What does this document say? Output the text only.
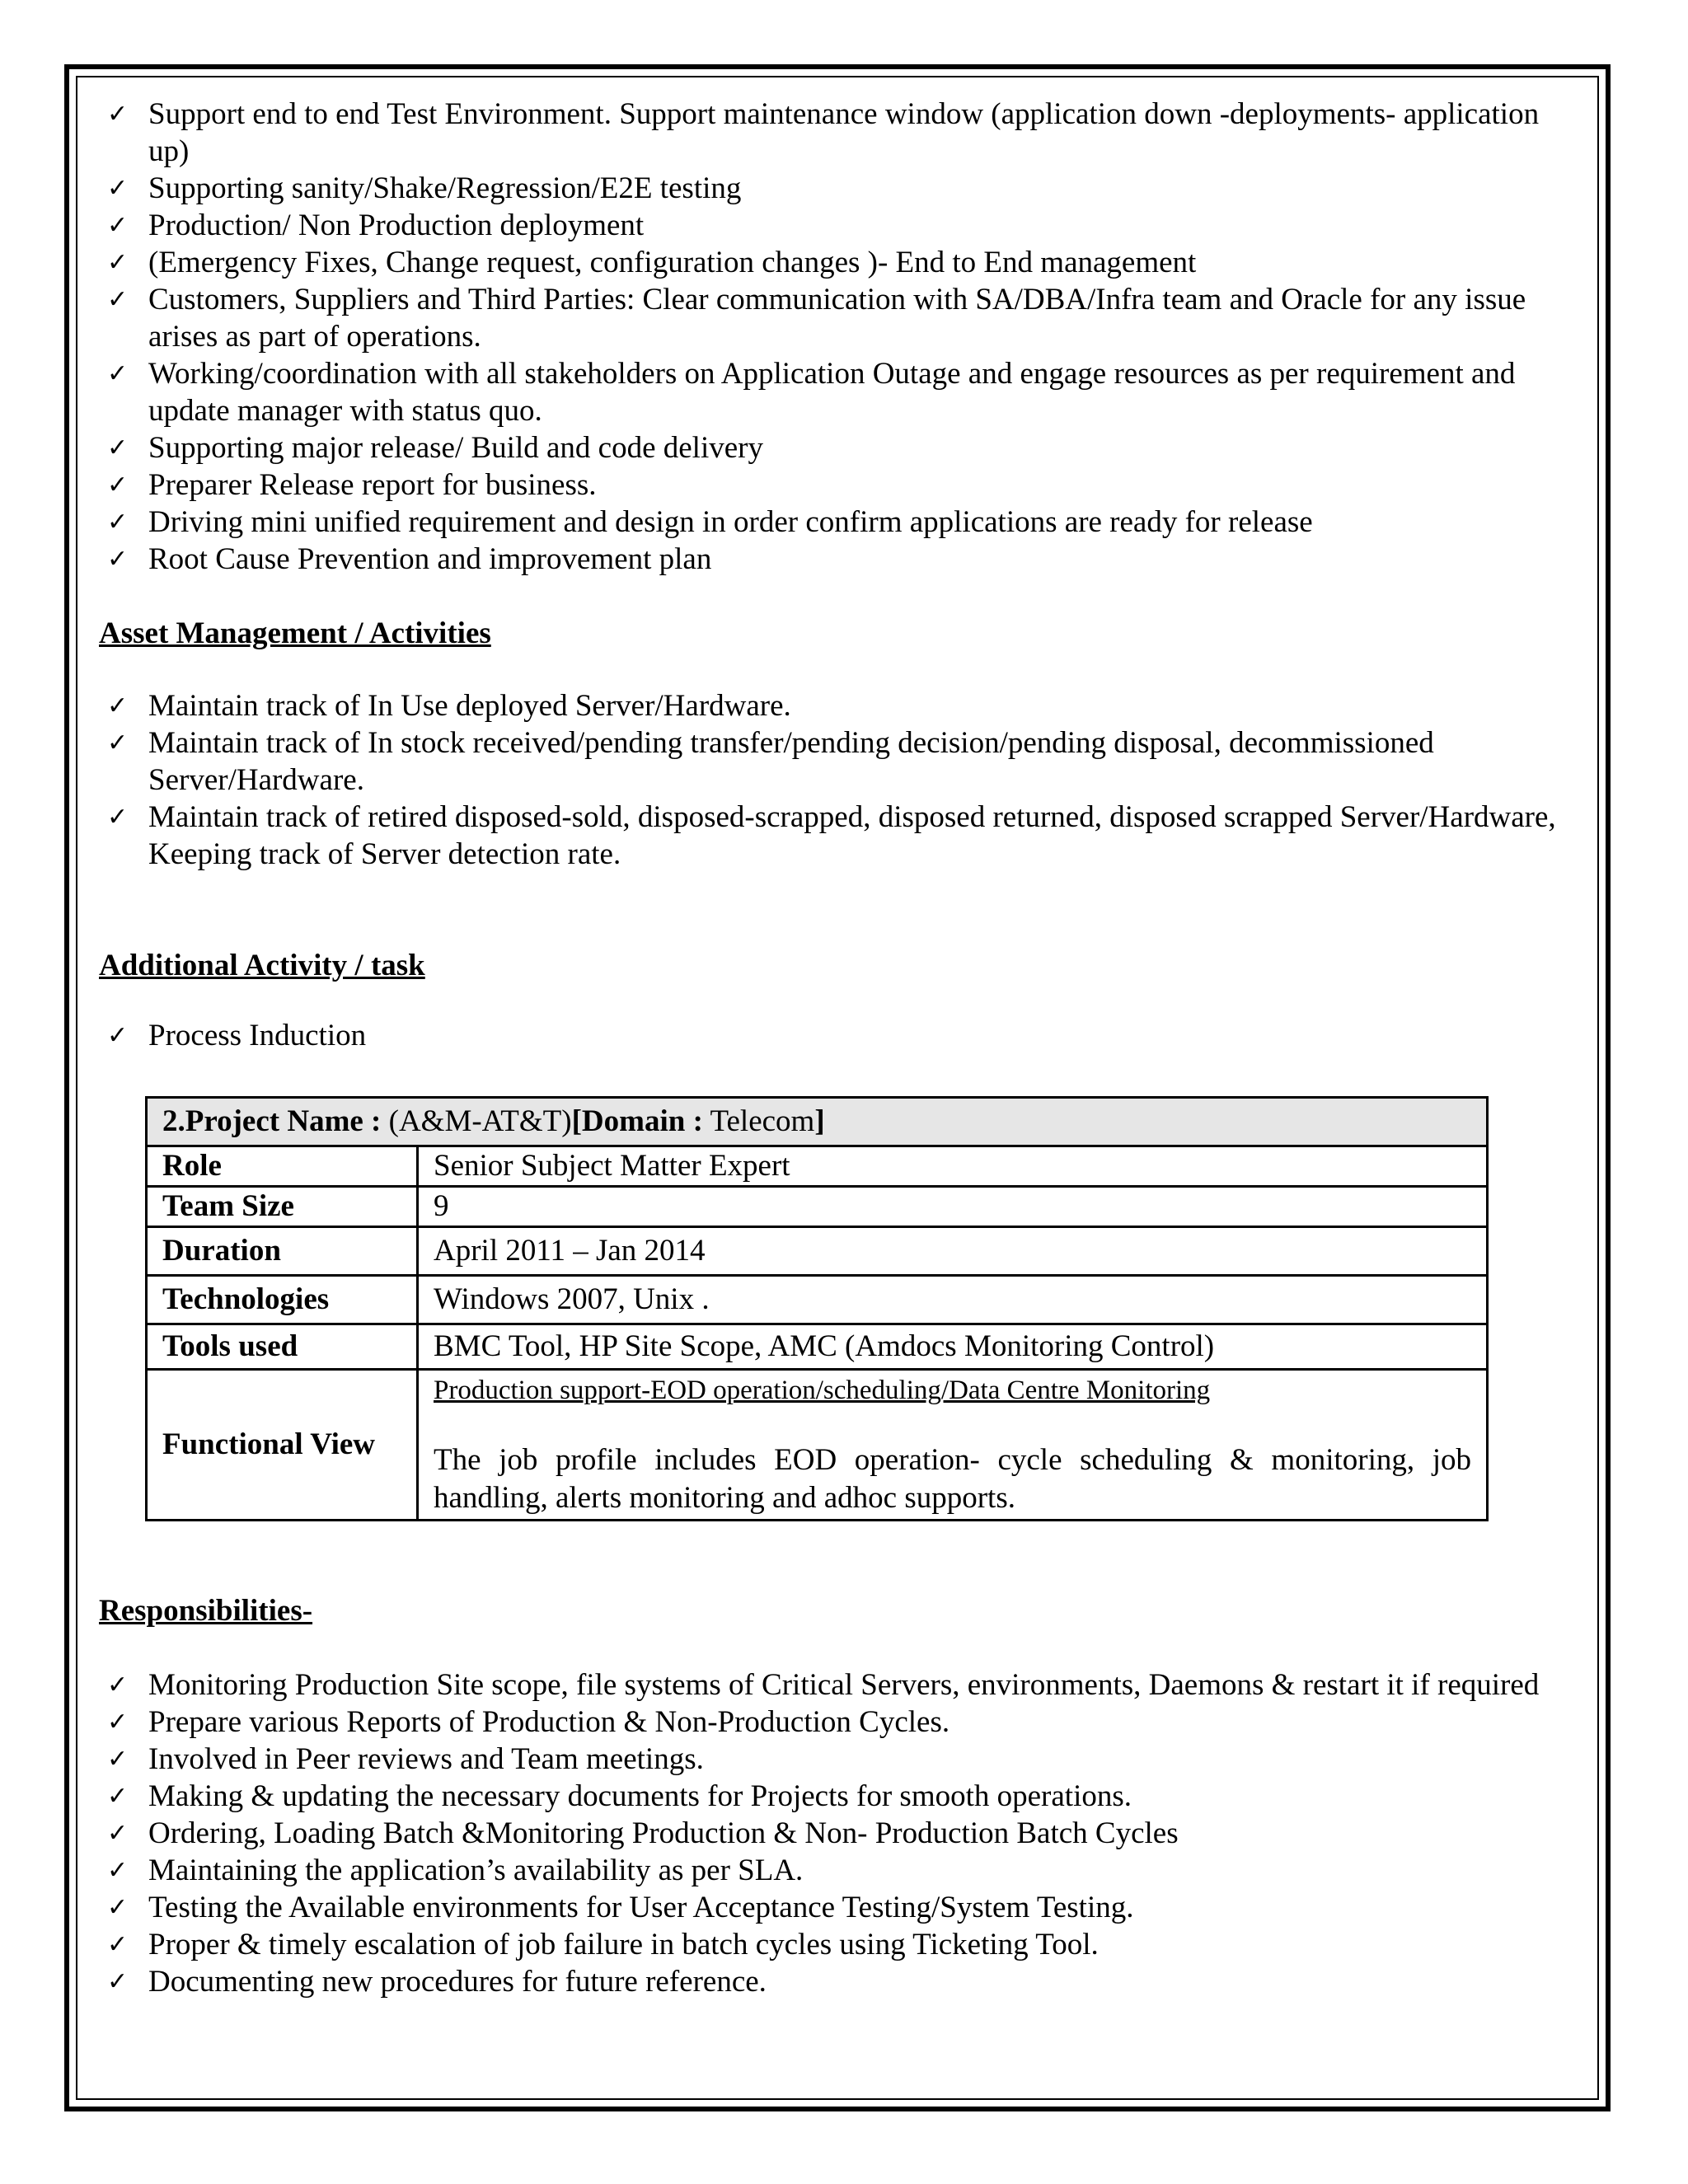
✓ Support end to end Test Environment. Support maintenance window (application down -deployments- application up)
✓ Supporting sanity/Shake/Regression/E2E testing
✓ Production/ Non Production deployment
✓ (Emergency Fixes, Change request, configuration changes )- End to End management
✓ Customers, Suppliers and Third Parties: Clear communication with SA/DBA/Infra team and Oracle for any issue arises as part of operations.
✓ Working/coordination with all stakeholders on Application Outage and engage resources as per requirement and update manager with status quo.
✓ Supporting major release/ Build and code delivery
✓ Preparer Release report for business.
✓ Driving mini unified requirement and design in order confirm applications are ready for release
✓ Root Cause Prevention and improvement plan
Asset Management / Activities
✓ Maintain track of In Use deployed Server/Hardware.
✓ Maintain track of In stock received/pending transfer/pending decision/pending disposal, decommissioned Server/Hardware.
✓ Maintain track of retired disposed-sold, disposed-scrapped, disposed returned, disposed scrapped Server/Hardware, Keeping track of Server detection rate.
Additional Activity / task
✓ Process Induction
2.Project Name : (A&M-AT&T)[Domain : Telecom]	
Role	Senior Subject Matter Expert
Team Size	9
Duration	April 2011 – Jan 2014
Technologies	Windows 2007, Unix .
Tools used	BMC Tool, HP Site Scope, AMC (Amdocs Monitoring Control)
Functional View	Production support-EOD operation/scheduling/Data Centre Monitoring
The job profile includes EOD operation- cycle scheduling & monitoring, job handling, alerts monitoring and adhoc supports.
Responsibilities-
✓ Monitoring Production Site scope, file systems of Critical Servers, environments, Daemons & restart it if required
✓ Prepare various Reports of Production & Non-Production Cycles.
✓ Involved in Peer reviews and Team meetings.
✓ Making & updating the necessary documents for Projects for smooth operations.
✓ Ordering, Loading Batch &Monitoring Production & Non- Production Batch Cycles
✓ Maintaining the application’s availability as per SLA.
✓ Testing the Available environments for User Acceptance Testing/System Testing.
✓ Proper & timely escalation of job failure in batch cycles using Ticketing Tool.
✓ Documenting new procedures for future reference.
